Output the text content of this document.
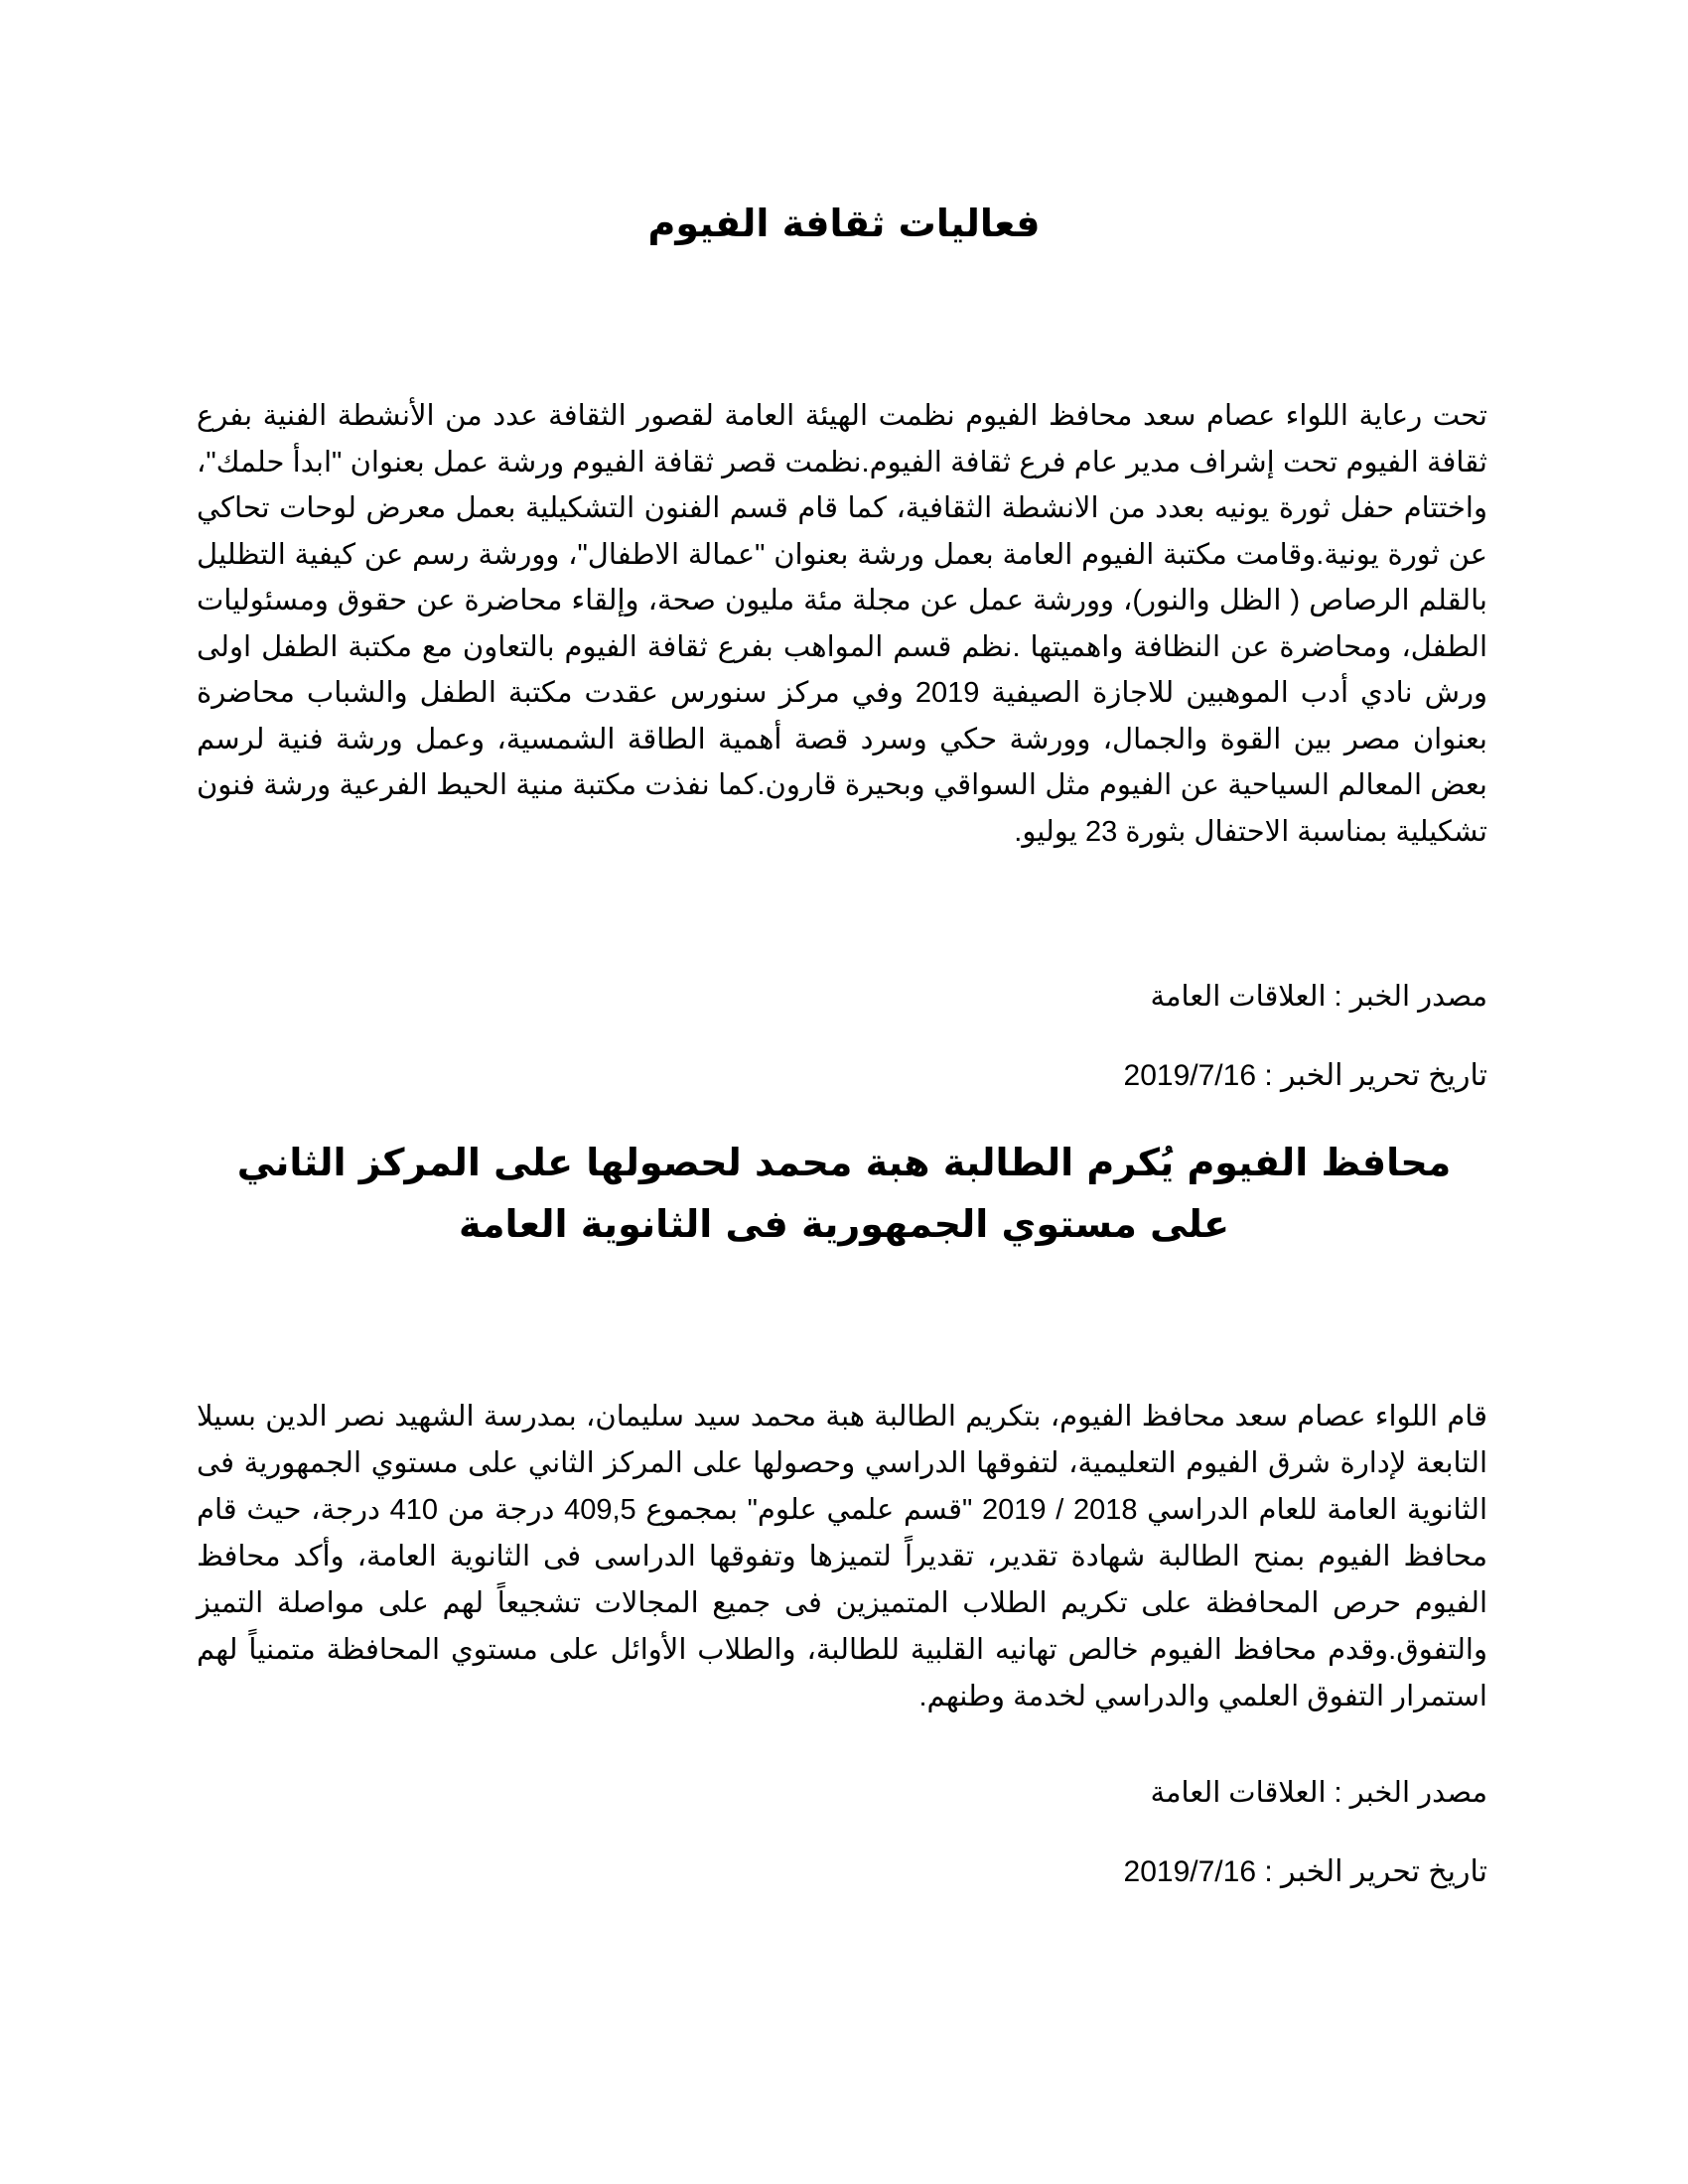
فعاليات ثقافة الفيوم

تحت رعاية اللواء عصام سعد محافظ الفيوم نظمت الهيئة العامة لقصور الثقافة عدد من الأنشطة الفنية بفرع ثقافة الفيوم تحت إشراف مدير عام فرع ثقافة الفيوم.نظمت قصر ثقافة الفيوم ورشة عمل بعنوان "ابدأ حلمك"، واختتام حفل ثورة يونيه بعدد من الانشطة الثقافية، كما قام قسم الفنون التشكيلية بعمل معرض لوحات تحاكي عن ثورة يونية.وقامت مكتبة الفيوم العامة بعمل ورشة بعنوان "عمالة الاطفال"، وورشة رسم عن كيفية التظليل بالقلم الرصاص ( الظل والنور)، وورشة عمل عن مجلة مئة مليون صحة، وإلقاء محاضرة عن حقوق ومسئوليات الطفل، ومحاضرة عن النظافة واهميتها .نظم قسم المواهب بفرع ثقافة الفيوم بالتعاون مع مكتبة الطفل اولى ورش نادي أدب الموهبين للاجازة الصيفية 2019 وفي مركز سنورس عقدت مكتبة الطفل والشباب محاضرة بعنوان مصر بين القوة والجمال، وورشة حكي وسرد قصة أهمية الطاقة الشمسية، وعمل ورشة فنية لرسم بعض المعالم السياحية عن الفيوم مثل السواقي وبحيرة قارون.كما نفذت مكتبة منية الحيط الفرعية ورشة فنون تشكيلية بمناسبة الاحتفال بثورة 23 يوليو.

مصدر الخبر : العلاقات العامة

تاريخ تحرير الخبر : 2019/7/16

محافظ الفيوم يُكرم الطالبة هبة محمد لحصولها على المركز الثاني على مستوي الجمهورية فى الثانوية العامة

قام اللواء عصام سعد محافظ الفيوم، بتكريم الطالبة هبة محمد سيد سليمان، بمدرسة الشهيد نصر الدين بسيلا التابعة لإدارة شرق الفيوم التعليمية، لتفوقها الدراسي وحصولها على المركز الثاني على مستوي الجمهورية فى الثانوية العامة للعام الدراسي 2018 / 2019 "قسم علمي علوم" بمجموع 409,5 درجة من 410 درجة، حيث قام محافظ الفيوم بمنح الطالبة شهادة تقدير، تقديراً لتميزها وتفوقها الدراسى فى الثانوية العامة، وأكد محافظ الفيوم حرص المحافظة على تكريم الطلاب المتميزين فى جميع المجالات تشجيعاً لهم على مواصلة التميز والتفوق.وقدم محافظ الفيوم خالص تهانيه القلبية للطالبة، والطلاب الأوائل على مستوي المحافظة متمنياً لهم استمرار التفوق العلمي والدراسي لخدمة وطنهم.

مصدر الخبر : العلاقات العامة

تاريخ تحرير الخبر : 2019/7/16
